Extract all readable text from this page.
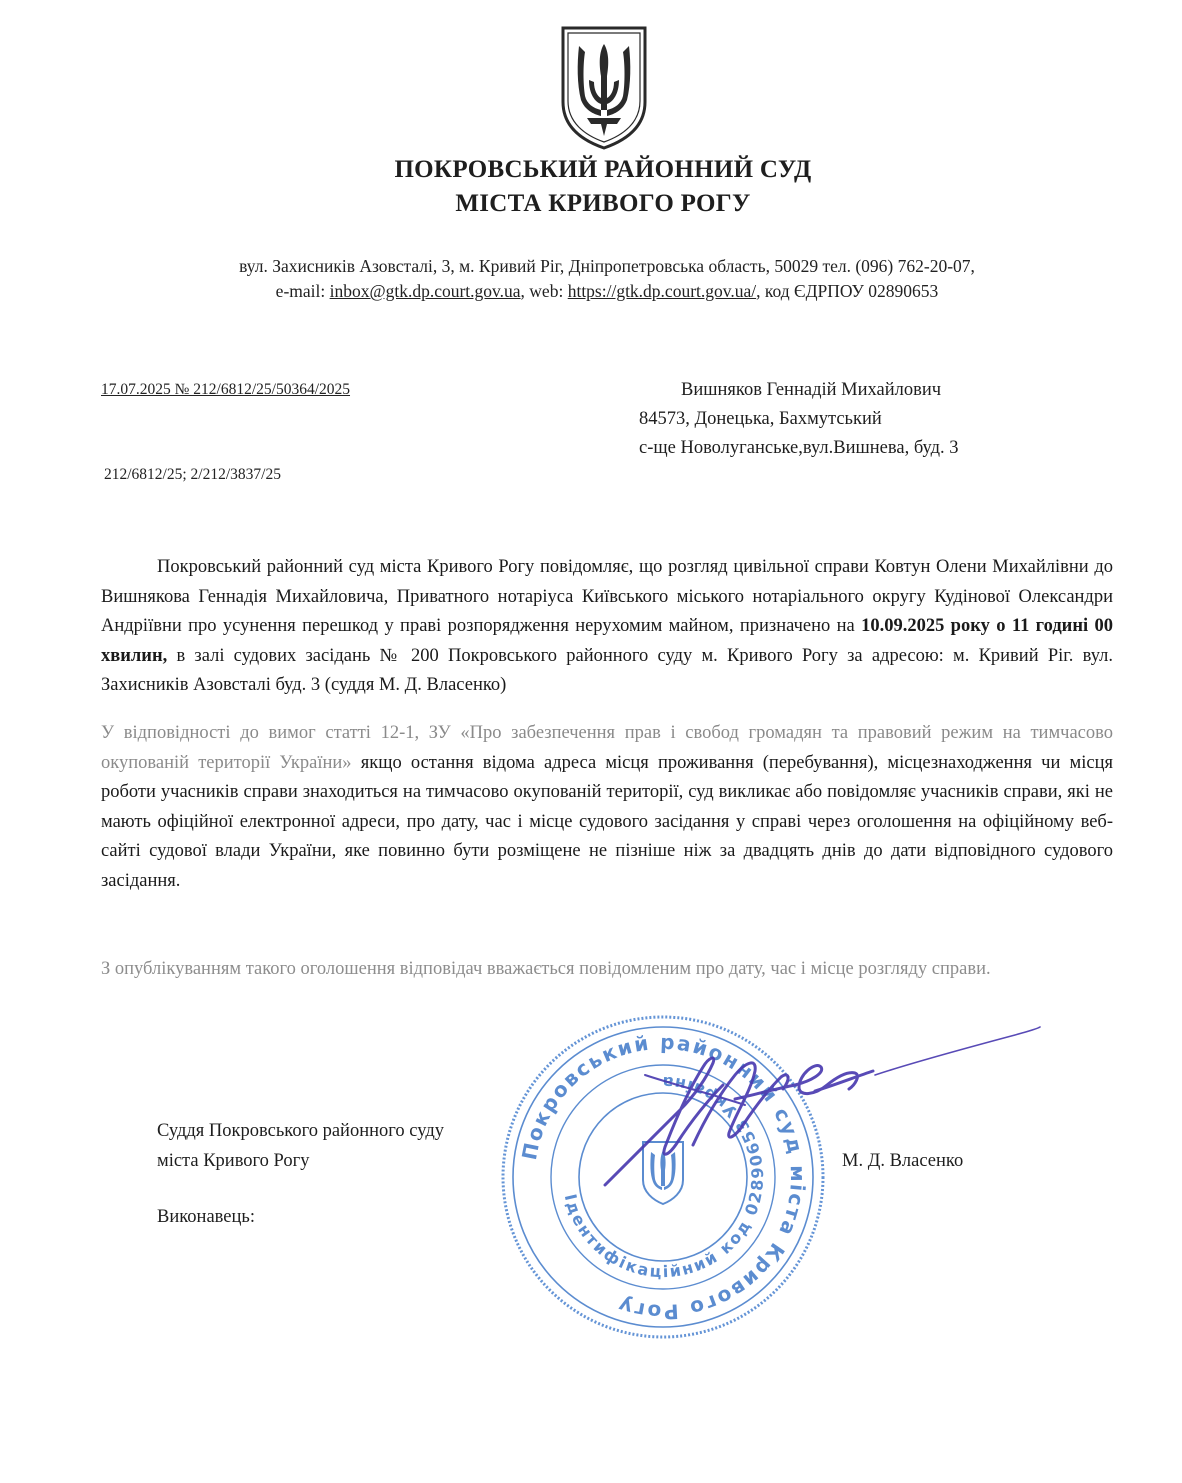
ПОКРОВСЬКИЙ РАЙОННИЙ СУД
МІСТА КРИВОГО РОГУ
вул. Захисників Азовсталі, 3, м. Кривий Ріг, Дніпропетровська область, 50029 тел. (096) 762-20-07,
e-mail: inbox@gtk.dp.court.gov.ua, web: https://gtk.dp.court.gov.ua/, код ЄДРПОУ 02890653
17.07.2025 № 212/6812/25/50364/2025
212/6812/25; 2/212/3837/25
Вишняков Геннадій Михайлович
84573, Донецька, Бахмутський
с-ще Новолуганське,вул.Вишнева, буд. 3
Покровський районний суд міста Кривого Рогу повідомляє, що розгляд цивільної справи Ковтун Олени Михайлівни до Вишнякова Геннадія Михайловича, Приватного нотаріуса Київського міського нотаріального округу Кудінової Олександри Андріївни про усунення перешкод у праві розпорядження нерухомим майном, призначено на 10.09.2025 року о 11 годині 00 хвилин, в залі судових засідань № 200 Покровського районного суду м. Кривого Рогу за адресою: м. Кривий Ріг. вул. Захисників Азовсталі буд. 3 (суддя М. Д. Власенко)
У відповідності до вимог статті 12-1, ЗУ «Про забезпечення прав і свобод громадян та правовий режим на тимчасово окупованій території України» якщо остання відома адреса місця проживання (перебування), місцезнаходження чи місця роботи учасників справи знаходиться на тимчасово окупованій території, суд викликає або повідомляє учасників справи, які не мають офіційної електронної адреси, про дату, час і місце судового засідання у справі через оголошення на офіційному веб-сайті судової влади України, яке повинно бути розміщене не пізніше ніж за двадцять днів до дати відповідного судового засідання.
З опублікуванням такого оголошення відповідач вважається повідомленим про дату, час і місце розгляду справи.
Суддя Покровського районного суду
міста Кривого Рогу	М. Д. Власенко
Виконавець:
Покровський районний суд міста Кривого Рогу
Ідентифікаційний код 02890653 Україна
